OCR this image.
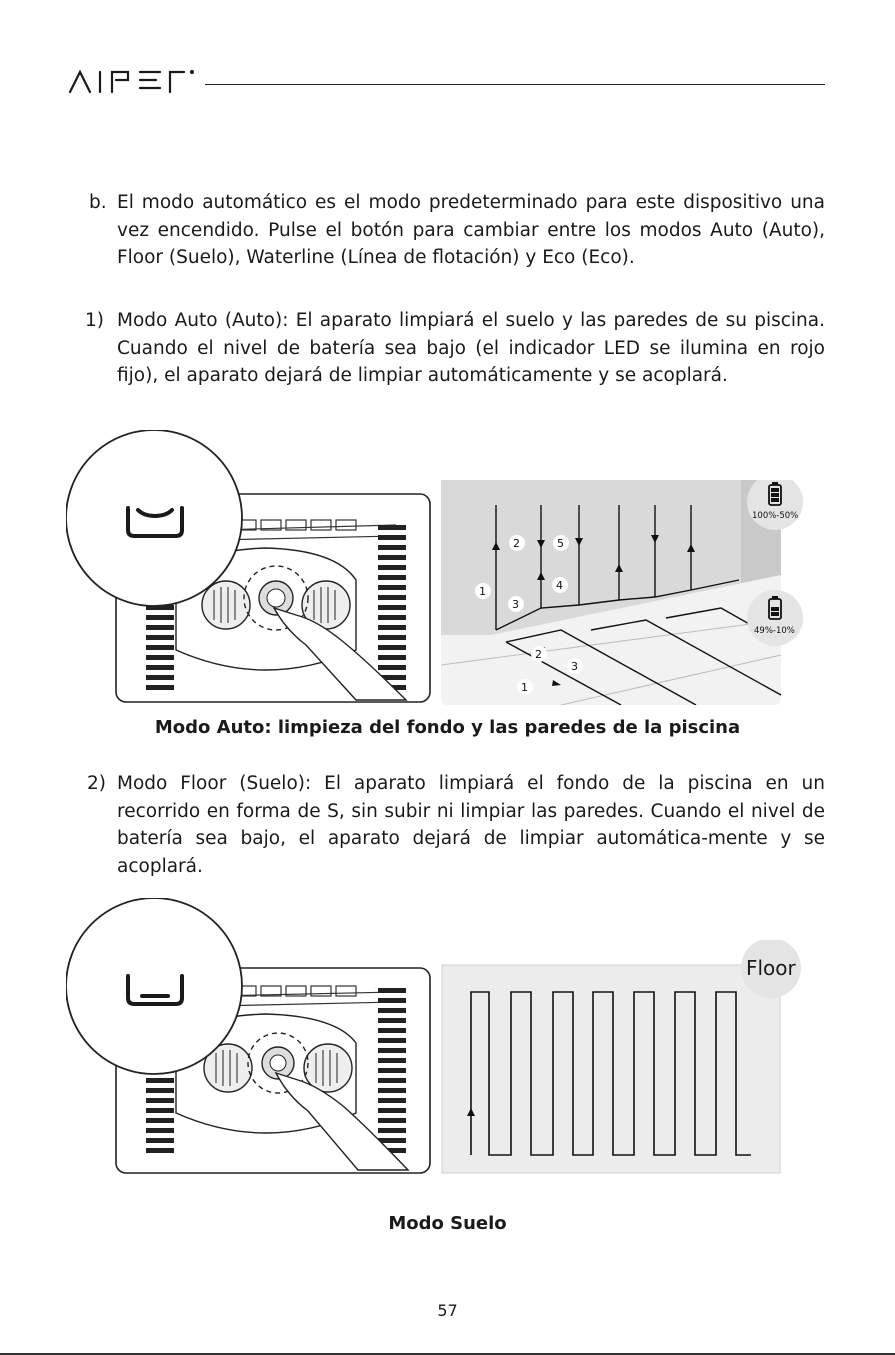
b. El modo automático es el modo predeterminado para este dispositivo una vez encendido. Pulse el botón para cambiar entre los modos Auto (Auto), Floor (Suelo), Waterline (Línea de flotación) y Eco (Eco).
1) Modo Auto (Auto): El aparato limpiará el suelo y las paredes de su piscina. Cuando el nivel de batería sea bajo (el indicador LED se ilumina en rojo fijo), el aparato dejará de limpiar automáticamente y se acoplará.
1
2
3
4
5
1
2
3
100%-50%
49%-10%
Modo Auto: limpieza del fondo y las paredes de la piscina
2) Modo Floor (Suelo): El aparato limpiará el fondo de la piscina en un recorrido en forma de S, sin subir ni limpiar las paredes. Cuando el nivel de batería sea bajo, el aparato dejará de limpiar automática-mente y se acoplará.
Floor
Modo Suelo
57
